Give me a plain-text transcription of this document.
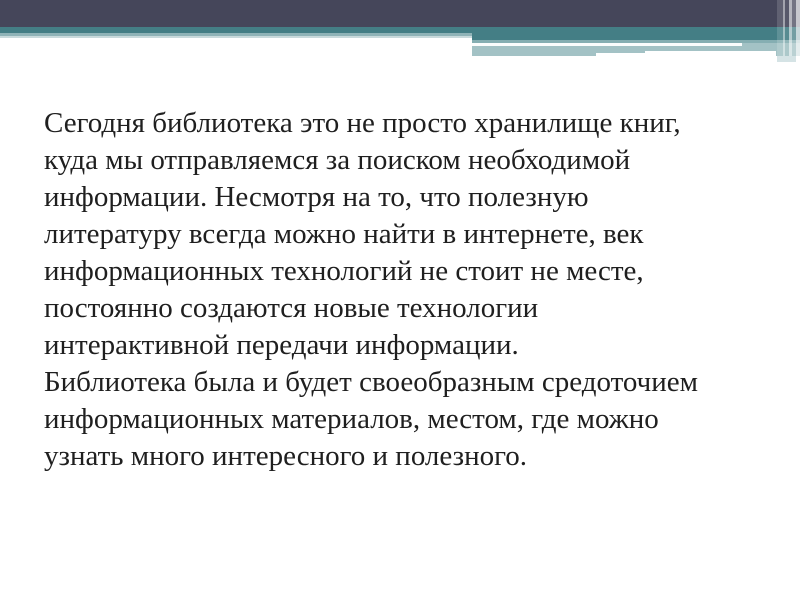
Сегодня библиотека это не просто хранилище книг,
куда мы отправляемся за поиском необходимой
информации. Несмотря на то, что полезную
литературу всегда можно найти в интернете, век
информационных технологий не стоит не месте,
постоянно создаются новые технологии
интерактивной передачи информации.
Библиотека была и будет своеобразным средоточием
информационных материалов, местом, где можно
узнать много интересного и полезного.
